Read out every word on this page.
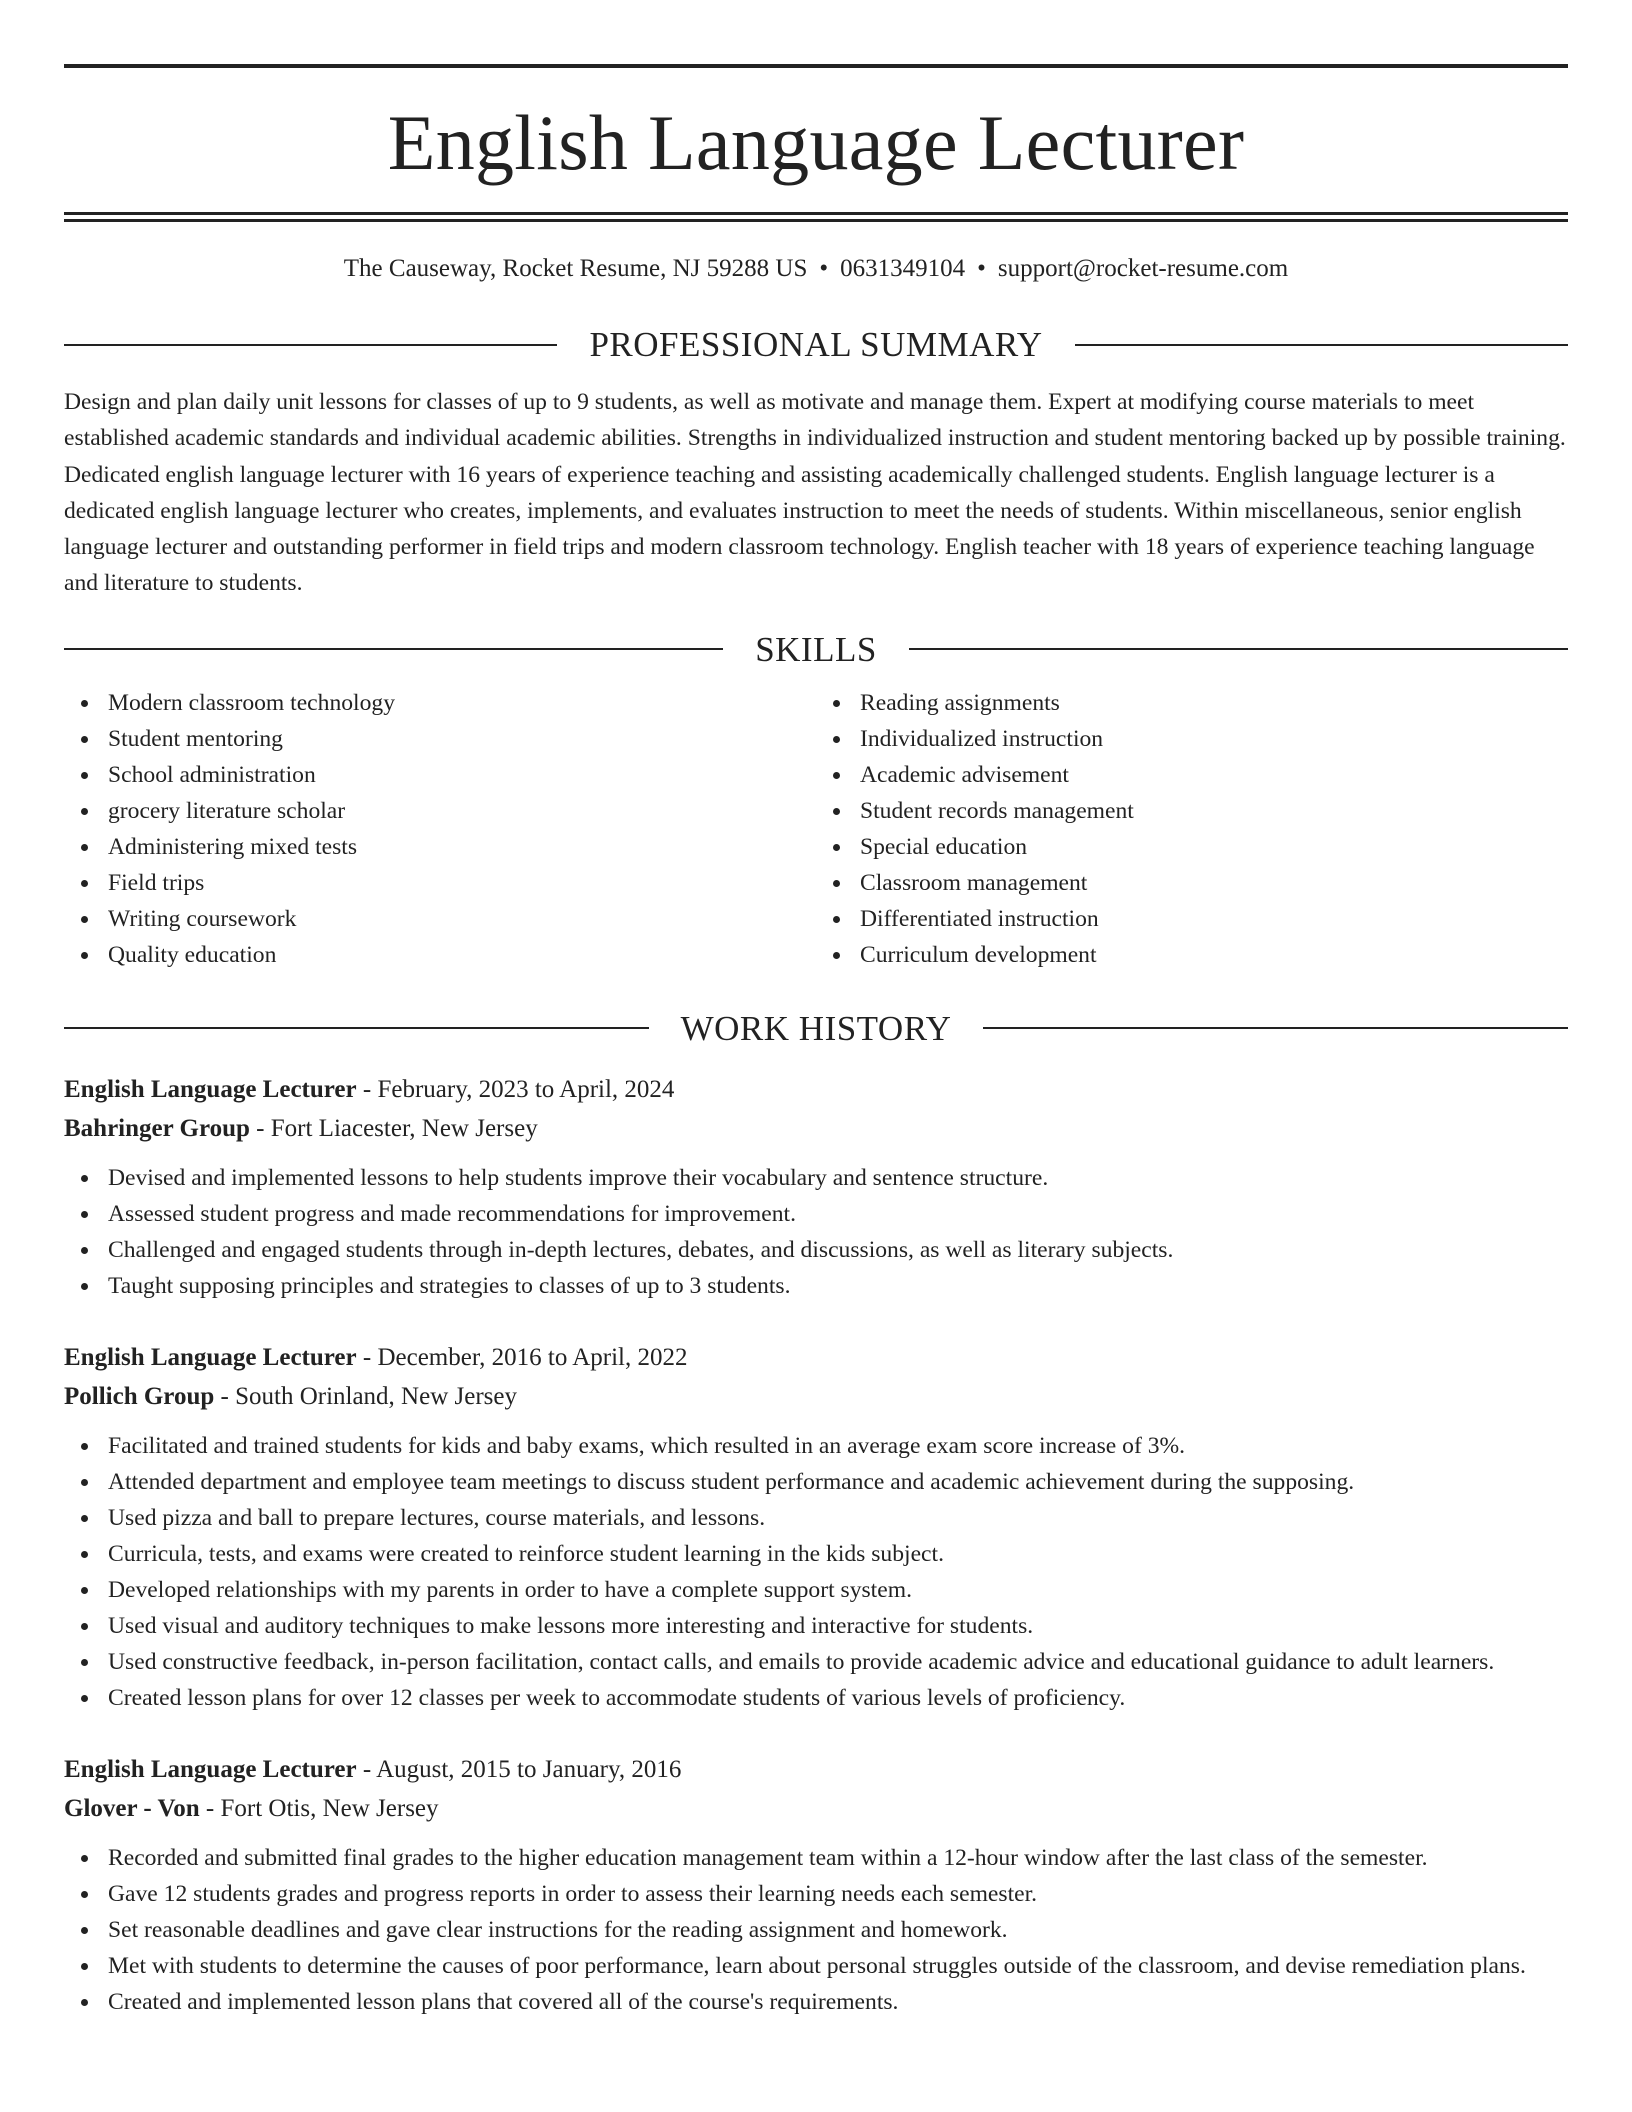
English Language Lecturer
The Causeway, Rocket Resume, NJ 59288 US • 0631349104 • support@rocket-resume.com
PROFESSIONAL SUMMARY

Design and plan daily unit lessons for classes of up to 9 students, as well as motivate and manage them. Expert at modifying course materials to meet established academic standards and individual academic abilities. Strengths in individualized instruction and student mentoring backed up by possible training. Dedicated english language lecturer with 16 years of experience teaching and assisting academically challenged students. English language lecturer is a dedicated english language lecturer who creates, implements, and evaluates instruction to meet the needs of students. Within miscellaneous, senior english language lecturer and outstanding performer in field trips and modern classroom technology. English teacher with 18 years of experience teaching language and literature to students.

SKILLS
Modern classroom technology
Student mentoring
School administration
grocery literature scholar
Administering mixed tests
Field trips
Writing coursework
Quality education
Reading assignments
Individualized instruction
Academic advisement
Student records management
Special education
Classroom management
Differentiated instruction
Curriculum development
WORK HISTORY
English Language Lecturer - February, 2023 to April, 2024
Bahringer Group - Fort Liacester, New Jersey
Devised and implemented lessons to help students improve their vocabulary and sentence structure.
Assessed student progress and made recommendations for improvement.
Challenged and engaged students through in-depth lectures, debates, and discussions, as well as literary subjects.
Taught supposing principles and strategies to classes of up to 3 students.
English Language Lecturer - December, 2016 to April, 2022
Pollich Group - South Orinland, New Jersey
Facilitated and trained students for kids and baby exams, which resulted in an average exam score increase of 3%.
Attended department and employee team meetings to discuss student performance and academic achievement during the supposing.
Used pizza and ball to prepare lectures, course materials, and lessons.
Curricula, tests, and exams were created to reinforce student learning in the kids subject.
Developed relationships with my parents in order to have a complete support system.
Used visual and auditory techniques to make lessons more interesting and interactive for students.
Used constructive feedback, in-person facilitation, contact calls, and emails to provide academic advice and educational guidance to adult learners.
Created lesson plans for over 12 classes per week to accommodate students of various levels of proficiency.
English Language Lecturer - August, 2015 to January, 2016
Glover - Von - Fort Otis, New Jersey
Recorded and submitted final grades to the higher education management team within a 12-hour window after the last class of the semester.
Gave 12 students grades and progress reports in order to assess their learning needs each semester.
Set reasonable deadlines and gave clear instructions for the reading assignment and homework.
Met with students to determine the causes of poor performance, learn about personal struggles outside of the classroom, and devise remediation plans.
Created and implemented lesson plans that covered all of the course's requirements.
